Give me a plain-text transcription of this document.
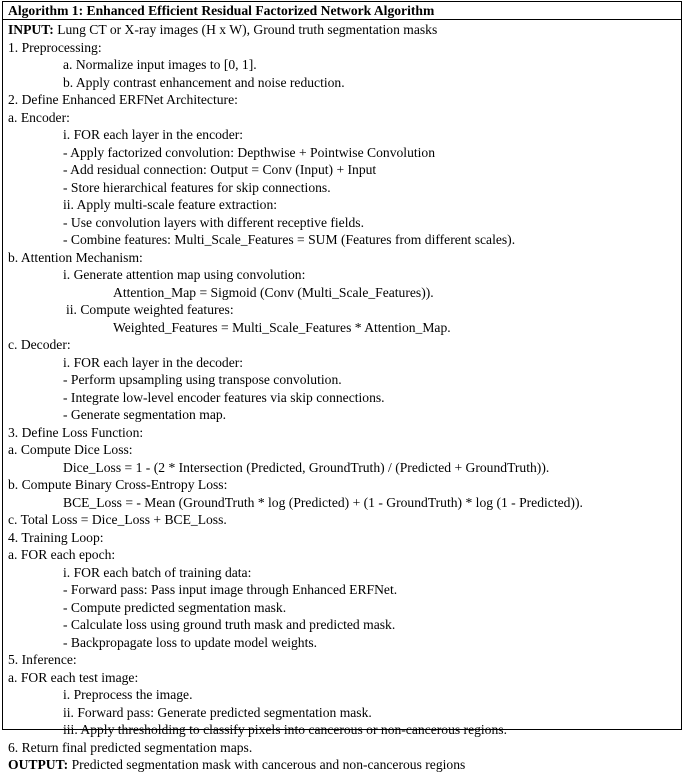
Algorithm 1: Enhanced Efficient Residual Factorized Network Algorithm
INPUT: Lung CT or X-ray images (H x W), Ground truth segmentation masks
1. Preprocessing:
a. Normalize input images to [0, 1].
b. Apply contrast enhancement and noise reduction.
2. Define Enhanced ERFNet Architecture:
a. Encoder:
i. FOR each layer in the encoder:
- Apply factorized convolution: Depthwise + Pointwise Convolution
- Add residual connection: Output = Conv (Input) + Input
- Store hierarchical features for skip connections.
ii. Apply multi-scale feature extraction:
- Use convolution layers with different receptive fields.
- Combine features: Multi_Scale_Features = SUM (Features from different scales).
b. Attention Mechanism:
i. Generate attention map using convolution:
Attention_Map = Sigmoid (Conv (Multi_Scale_Features)).
ii. Compute weighted features:
Weighted_Features = Multi_Scale_Features * Attention_Map.
c. Decoder:
i. FOR each layer in the decoder:
- Perform upsampling using transpose convolution.
- Integrate low-level encoder features via skip connections.
- Generate segmentation map.
3. Define Loss Function:
a. Compute Dice Loss:
Dice_Loss = 1 - (2 * Intersection (Predicted, GroundTruth) / (Predicted + GroundTruth)).
b. Compute Binary Cross-Entropy Loss:
BCE_Loss = - Mean (GroundTruth * log (Predicted) + (1 - GroundTruth) * log (1 - Predicted)).
c. Total Loss = Dice_Loss + BCE_Loss.
4. Training Loop:
a. FOR each epoch:
i. FOR each batch of training data:
- Forward pass: Pass input image through Enhanced ERFNet.
- Compute predicted segmentation mask.
- Calculate loss using ground truth mask and predicted mask.
- Backpropagate loss to update model weights.
5. Inference:
a. FOR each test image:
i. Preprocess the image.
ii. Forward pass: Generate predicted segmentation mask.
iii. Apply thresholding to classify pixels into cancerous or non-cancerous regions.
6. Return final predicted segmentation maps.
OUTPUT: Predicted segmentation mask with cancerous and non-cancerous regions
